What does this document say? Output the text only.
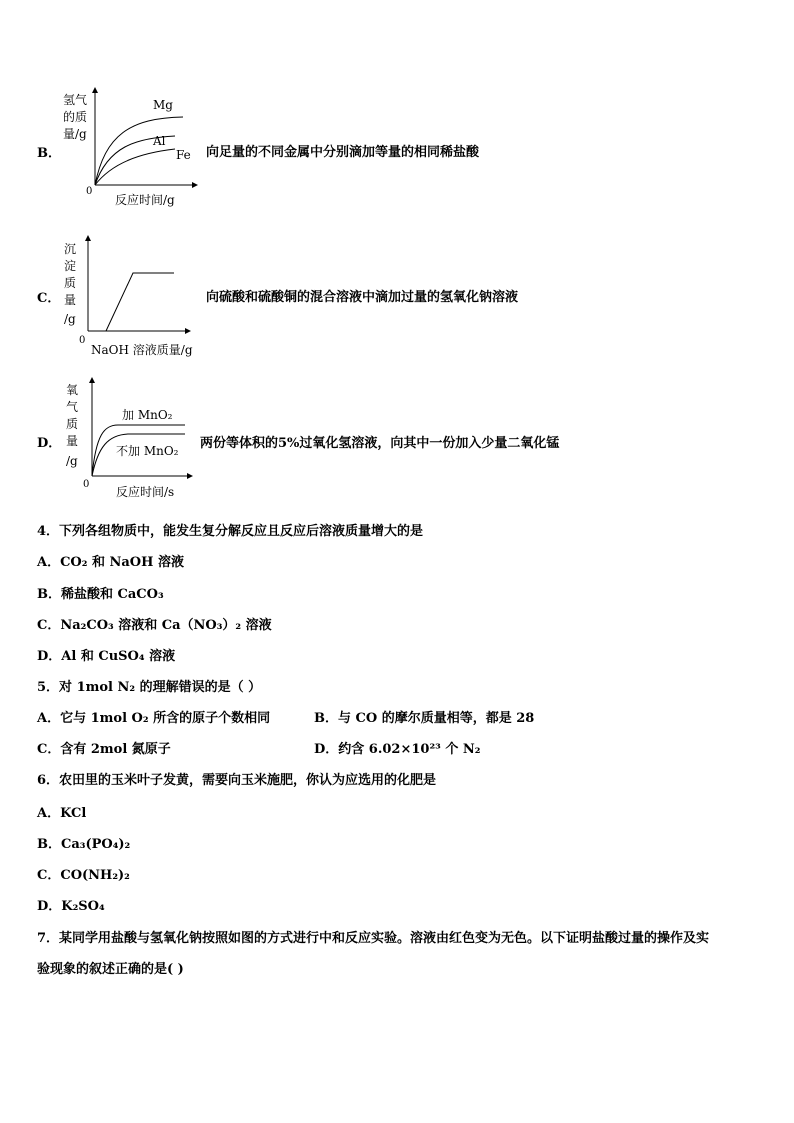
B．
Mg
Al
Fe
氢气
的质
量/g
0
反应时间/g
向足量的不同金属中分别滴加等量的相同稀盐酸
C．
沉
淀
质
量
/g
0
NaOH 溶液质量/g
向硫酸和硫酸铜的混合溶液中滴加过量的氢氧化钠溶液
D．
加 MnO₂
不加 MnO₂
氧
气
质
量
/g
0
反应时间/s
两份等体积的5%过氧化氢溶液，向其中一份加入少量二氧化锰
4．下列各组物质中，能发生复分解反应且反应后溶液质量增大的是
A．CO₂ 和 NaOH 溶液
B．稀盐酸和 CaCO₃
C．Na₂CO₃ 溶液和 Ca（NO₃）₂ 溶液
D．Al 和 CuSO₄ 溶液
5．对 1mol N₂ 的理解错误的是（ ）
A．它与 1mol O₂ 所含的原子个数相同	B．与 CO 的摩尔质量相等，都是 28
C．含有 2mol 氮原子	D．约含 6.02×10²³ 个 N₂
6．农田里的玉米叶子发黄，需要向玉米施肥，你认为应选用的化肥是
A．KCl
B．Ca₃(PO₄)₂
C．CO(NH₂)₂
D．K₂SO₄
7．某同学用盐酸与氢氧化钠按照如图的方式进行中和反应实验。溶液由红色变为无色。以下证明盐酸过量的操作及实
验现象的叙述正确的是( )
